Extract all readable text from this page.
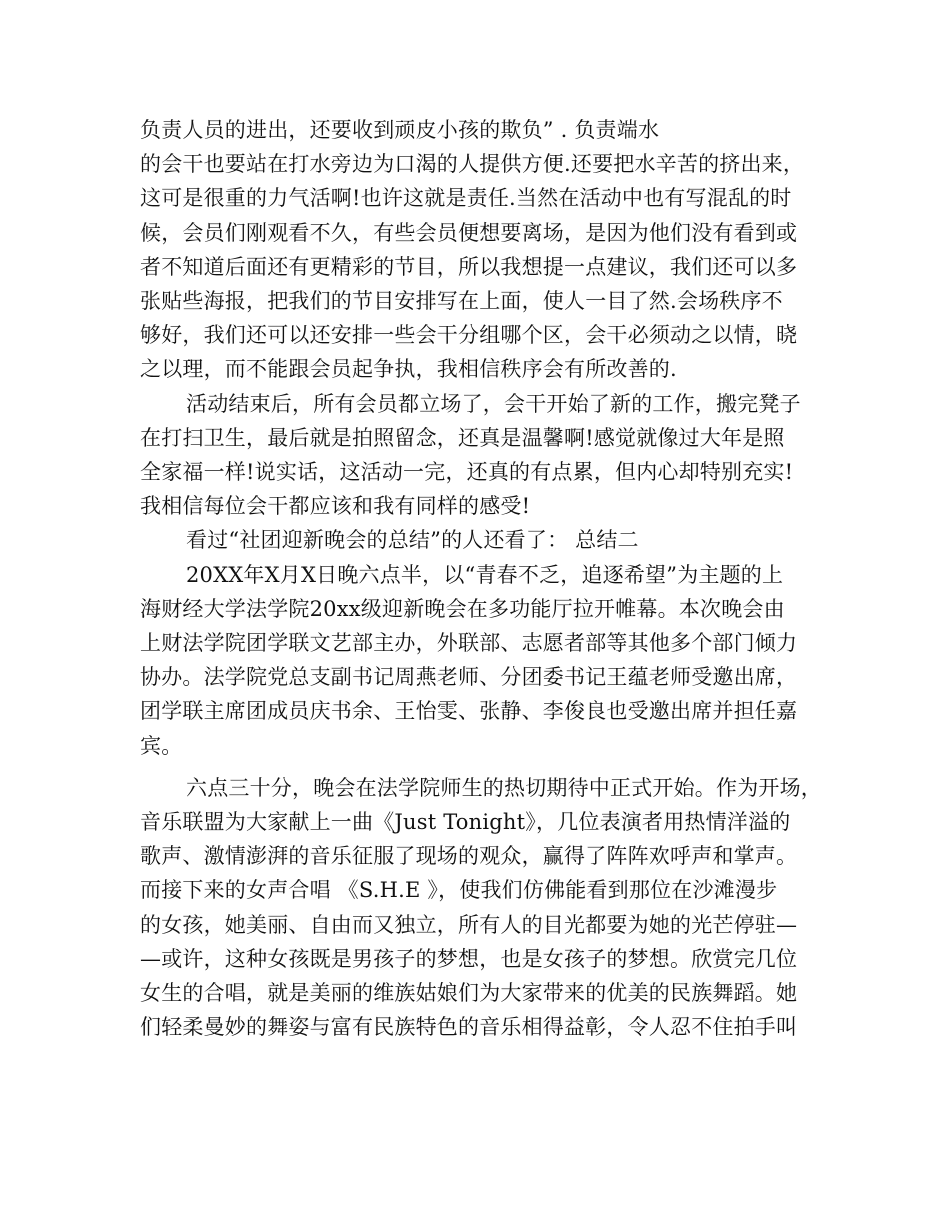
负责人员的进出，还要收到顽皮小孩的欺负” . 负责端水
的会干也要站在打水旁边为口渴的人提供方便.还要把水辛苦的挤出来，
这可是很重的力气活啊!也许这就是责任.当然在活动中也有写混乱的时
候，会员们刚观看不久，有些会员便想要离场，是因为他们没有看到或
者不知道后面还有更精彩的节目，所以我想提一点建议，我们还可以多
张贴些海报，把我们的节目安排写在上面，使人一目了然.会场秩序不
够好，我们还可以还安排一些会干分组哪个区，会干必须动之以情，晓
之以理，而不能跟会员起争执，我相信秩序会有所改善的.
活动结束后，所有会员都立场了，会干开始了新的工作，搬完凳子
在打扫卫生，最后就是拍照留念，还真是温馨啊!感觉就像过大年是照
全家福一样!说实话，这活动一完，还真的有点累，但内心却特别充实!
我相信每位会干都应该和我有同样的感受!
看过“社团迎新晚会的总结”的人还看了： 总结二
20XX年X月X日晚六点半，以“青春不乏，追逐希望”为主题的上
海财经大学法学院20xx级迎新晚会在多功能厅拉开帷幕。本次晚会由
上财法学院团学联文艺部主办，外联部、志愿者部等其他多个部门倾力
协办。法学院党总支副书记周燕老师、分团委书记王蕴老师受邀出席，
团学联主席团成员庆书余、王怡雯、张静、李俊良也受邀出席并担任嘉
宾。
六点三十分，晚会在法学院师生的热切期待中正式开始。作为开场，
音乐联盟为大家献上一曲《Just Tonight》，几位表演者用热情洋溢的
歌声、激情澎湃的音乐征服了现场的观众，赢得了阵阵欢呼声和掌声。
而接下来的女声合唱 《S.H.E 》，使我们仿佛能看到那位在沙滩漫步
的女孩，她美丽、自由而又独立，所有人的目光都要为她的光芒停驻—
—或许，这种女孩既是男孩子的梦想，也是女孩子的梦想。欣赏完几位
女生的合唱，就是美丽的维族姑娘们为大家带来的优美的民族舞蹈。她
们轻柔曼妙的舞姿与富有民族特色的音乐相得益彰，令人忍不住拍手叫
